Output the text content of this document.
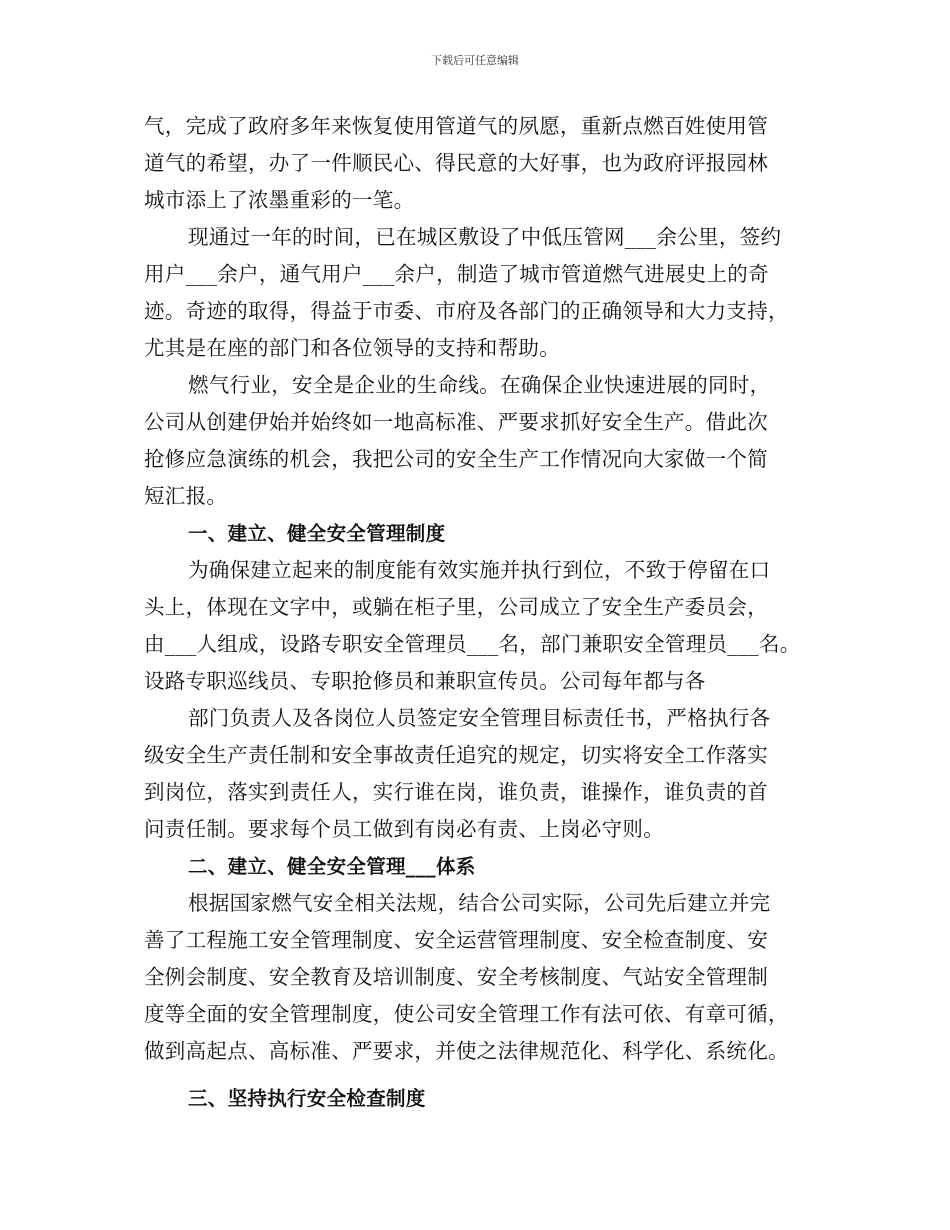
下载后可任意编辑
气，完成了政府多年来恢复使用管道气的夙愿，重新点燃百姓使用管
道气的希望，办了一件顺民心、得民意的大好事，也为政府评报园林
城市添上了浓墨重彩的一笔。
现通过一年的时间，已在城区敷设了中低压管网___余公里，签约
用户___余户，通气用户___余户，制造了城市管道燃气进展史上的奇
迹。奇迹的取得，得益于市委、市府及各部门的正确领导和大力支持，
尤其是在座的部门和各位领导的支持和帮助。
燃气行业，安全是企业的生命线。在确保企业快速进展的同时，
公司从创建伊始并始终如一地高标准、严要求抓好安全生产。借此次
抢修应急演练的机会，我把公司的安全生产工作情况向大家做一个简
短汇报。
一、建立、健全安全管理制度
为确保建立起来的制度能有效实施并执行到位，不致于停留在口
头上，体现在文字中，或躺在柜子里，公司成立了安全生产委员会，
由___人组成，设路专职安全管理员___名，部门兼职安全管理员___名。
设路专职巡线员、专职抢修员和兼职宣传员。公司每年都与各
部门负责人及各岗位人员签定安全管理目标责任书，严格执行各
级安全生产责任制和安全事故责任追究的规定，切实将安全工作落实
到岗位，落实到责任人，实行谁在岗，谁负责，谁操作，谁负责的首
问责任制。要求每个员工做到有岗必有责、上岗必守则。
二、建立、健全安全管理___体系
根据国家燃气安全相关法规，结合公司实际，公司先后建立并完
善了工程施工安全管理制度、安全运营管理制度、安全检查制度、安
全例会制度、安全教育及培训制度、安全考核制度、气站安全管理制
度等全面的安全管理制度，使公司安全管理工作有法可依、有章可循，
做到高起点、高标准、严要求，并使之法律规范化、科学化、系统化。
三、坚持执行安全检查制度
